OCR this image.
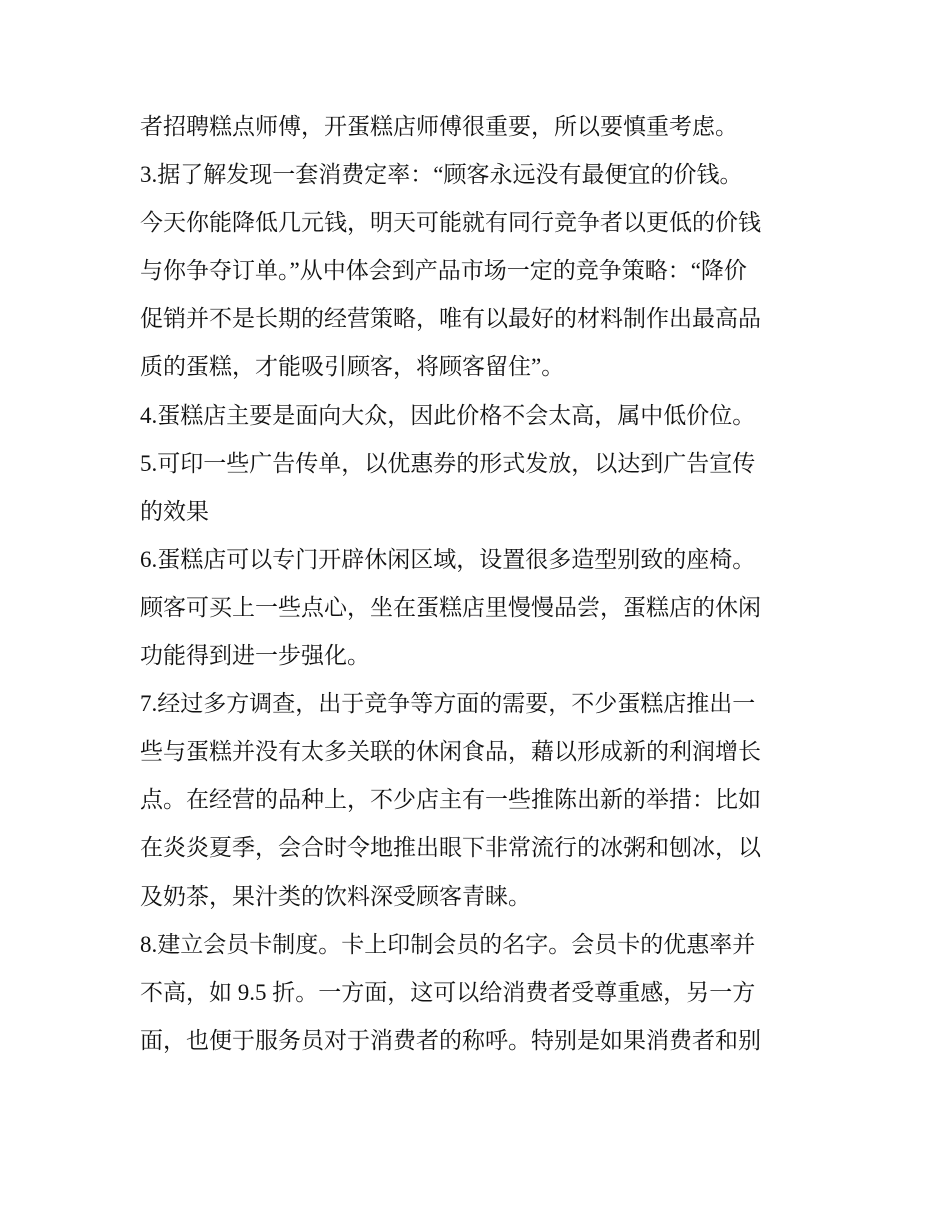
者招聘糕点师傅，开蛋糕店师傅很重要，所以要慎重考虑。
3.据了解发现一套消费定率：“顾客永远没有最便宜的价钱。
今天你能降低几元钱，明天可能就有同行竞争者以更低的价钱
与你争夺订单。”从中体会到产品市场一定的竞争策略：“降价
促销并不是长期的经营策略，唯有以最好的材料制作出最高品
质的蛋糕，才能吸引顾客，将顾客留住”。
4.蛋糕店主要是面向大众，因此价格不会太高，属中低价位。
5.可印一些广告传单，以优惠券的形式发放，以达到广告宣传
的效果
6.蛋糕店可以专门开辟休闲区域，设置很多造型别致的座椅。
顾客可买上一些点心，坐在蛋糕店里慢慢品尝，蛋糕店的休闲
功能得到进一步强化。
7.经过多方调查，出于竞争等方面的需要，不少蛋糕店推出一
些与蛋糕并没有太多关联的休闲食品，藉以形成新的利润增长
点。在经营的品种上，不少店主有一些推陈出新的举措：比如
在炎炎夏季，会合时令地推出眼下非常流行的冰粥和刨冰，以
及奶茶，果汁类的饮料深受顾客青睐。
8.建立会员卡制度。卡上印制会员的名字。会员卡的优惠率并
不高，如 9.5 折。一方面，这可以给消费者受尊重感，另一方
面，也便于服务员对于消费者的称呼。特别是如果消费者和别
